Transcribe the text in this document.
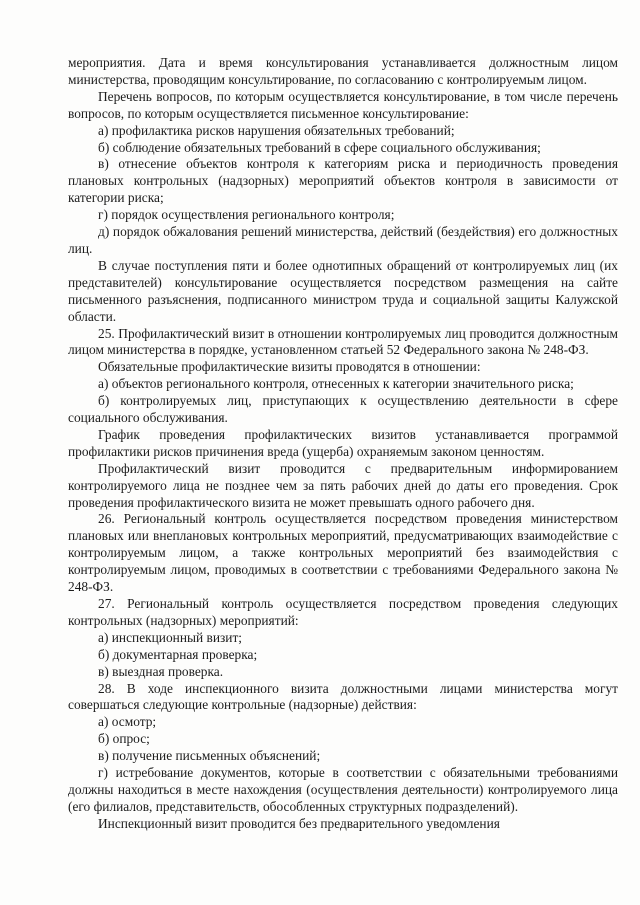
мероприятия. Дата и время консультирования устанавливается должностным лицом министерства, проводящим консультирование, по согласованию с контролируемым лицом.

Перечень вопросов, по которым осуществляется консультирование, в том числе перечень вопросов, по которым осуществляется письменное консультирование:

а) профилактика рисков нарушения обязательных требований;

б) соблюдение обязательных требований в сфере социального обслуживания;

в) отнесение объектов контроля к категориям риска и периодичность проведения плановых контрольных (надзорных) мероприятий объектов контроля в зависимости от категории риска;

г) порядок осуществления регионального контроля;

д) порядок обжалования решений министерства, действий (бездействия) его должностных лиц.

В случае поступления пяти и более однотипных обращений от контролируемых лиц (их представителей) консультирование осуществляется посредством размещения на сайте письменного разъяснения, подписанного министром труда и социальной защиты Калужской области.

25. Профилактический визит в отношении контролируемых лиц проводится должностным лицом министерства в порядке, установленном статьей 52 Федерального закона № 248-ФЗ.

Обязательные профилактические визиты проводятся в отношении:

а) объектов регионального контроля, отнесенных к категории значительного риска;

б) контролируемых лиц, приступающих к осуществлению деятельности в сфере социального обслуживания.

График проведения профилактических визитов устанавливается программой профилактики рисков причинения вреда (ущерба) охраняемым законом ценностям.

Профилактический визит проводится с предварительным информированием контролируемого лица не позднее чем за пять рабочих дней до даты его проведения. Срок проведения профилактического визита не может превышать одного рабочего дня.

26. Региональный контроль осуществляется посредством проведения министерством плановых или внеплановых контрольных мероприятий, предусматривающих взаимодействие с контролируемым лицом, а также контрольных мероприятий без взаимодействия с контролируемым лицом, проводимых в соответствии с требованиями Федерального закона № 248-ФЗ.

27. Региональный контроль осуществляется посредством проведения следующих контрольных (надзорных) мероприятий:

а) инспекционный визит;

б) документарная проверка;

в) выездная проверка.

28. В ходе инспекционного визита должностными лицами министерства могут совершаться следующие контрольные (надзорные) действия:

а) осмотр;

б) опрос;

в) получение письменных объяснений;

г) истребование документов, которые в соответствии с обязательными требованиями должны находиться в месте нахождения (осуществления деятельности) контролируемого лица (его филиалов, представительств, обособленных структурных подразделений).

Инспекционный визит проводится без предварительного уведомления
